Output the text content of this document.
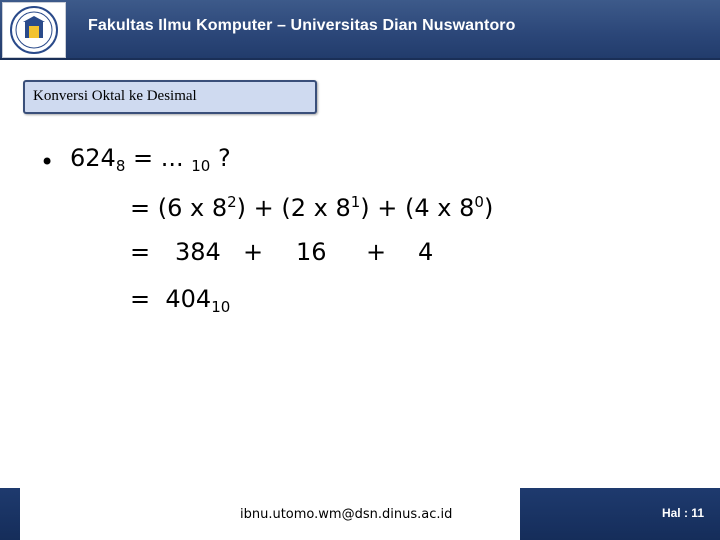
Fakultas Ilmu Komputer – Universitas Dian Nuswantoro
Konversi Oktal ke Desimal
• $624_8$ = ... $_{10}$ ?
= (6 x $8^2) + (2$ x $8^1) + (4$ x $8^0$)
= 384 + 16 + 4
=  $404_{10}$
ibnu.utomo.wm@dsn.dinus.ac.id	Hal : 11
